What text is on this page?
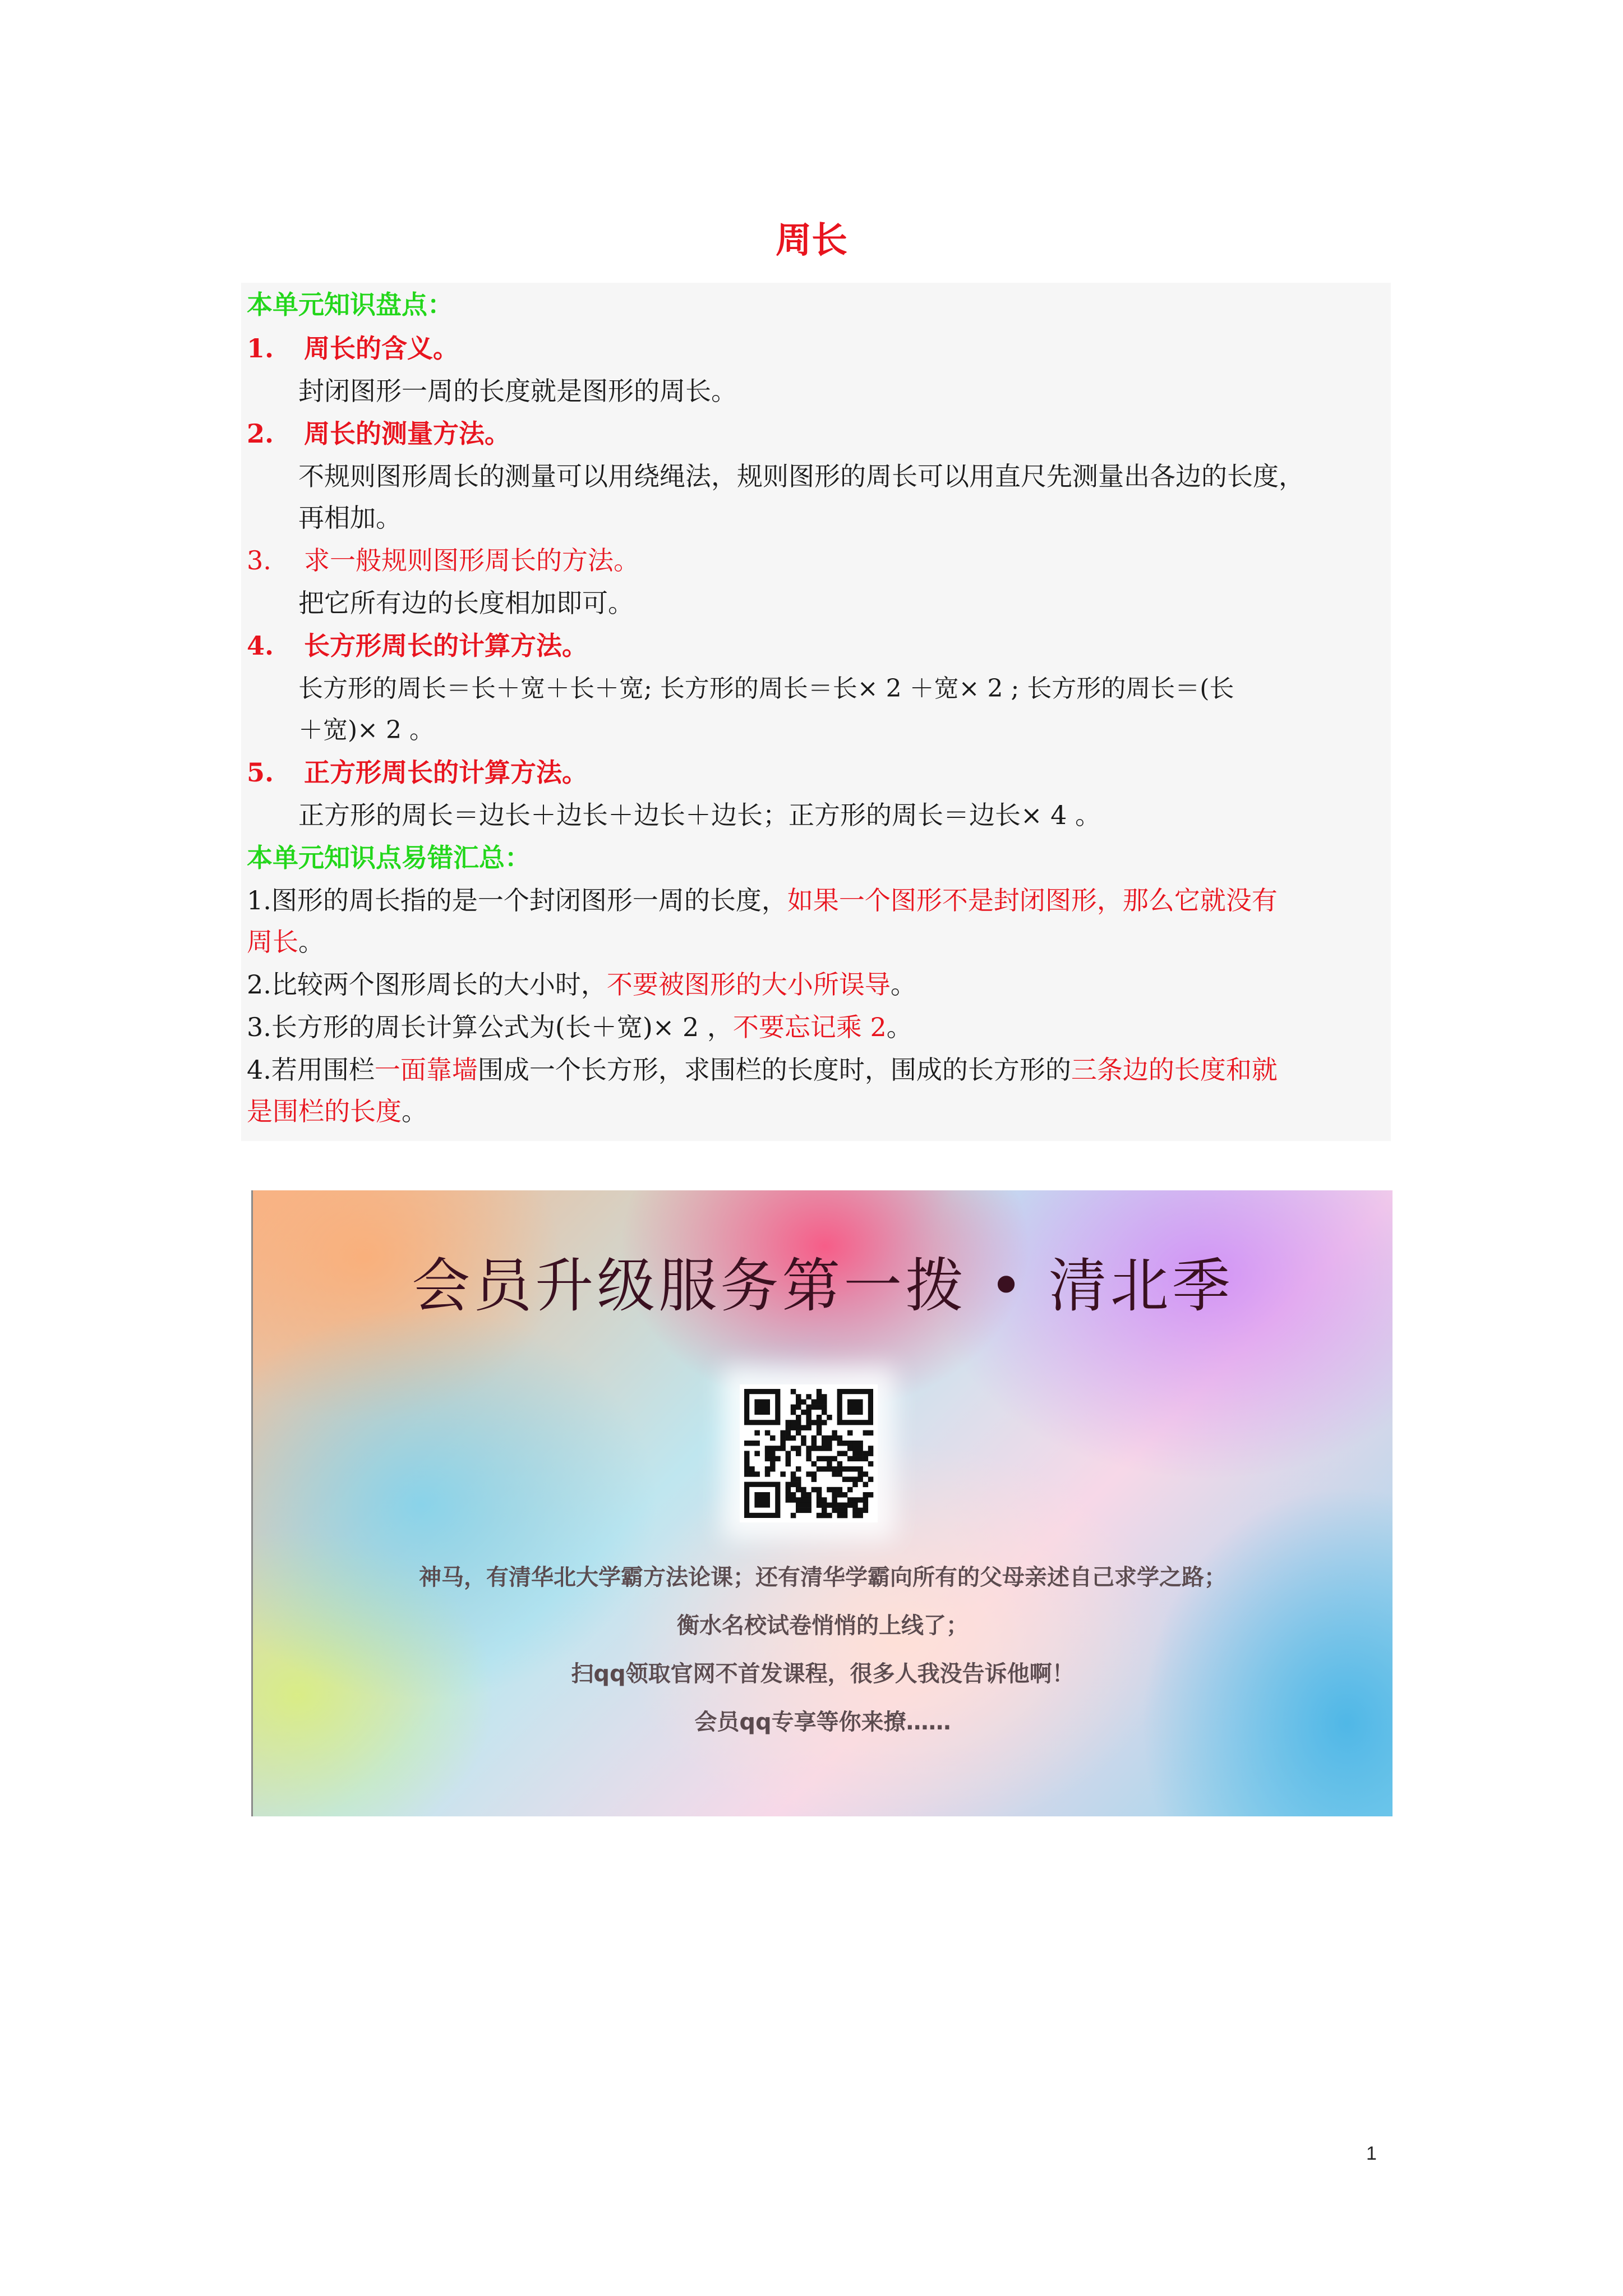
周长
本单元知识盘点：
1. 周长的含义。
封闭图形一周的长度就是图形的周长。
2. 周长的测量方法。
不规则图形周长的测量可以用绕绳法，规则图形的周长可以用直尺先测量出各边的长度，
再相加。
3. 求一般规则图形周长的方法。
把它所有边的长度相加即可。
4. 长方形周长的计算方法。
长方形的周长＝长＋宽＋长＋宽; 长方形的周长＝长× 2 ＋宽× 2 ; 长方形的周长＝(长
＋宽)× 2 。
5. 正方形周长的计算方法。
正方形的周长＝边长＋边长＋边长＋边长；正方形的周长＝边长× 4 。
本单元知识点易错汇总：
1.图形的周长指的是一个封闭图形一周的长度，如果一个图形不是封闭图形，那么它就没有
周长。
2.比较两个图形周长的大小时，不要被图形的大小所误导。
3.长方形的周长计算公式为(长＋宽)× 2 ，不要忘记乘 2。
4.若用围栏一面靠墙围成一个长方形，求围栏的长度时，围成的长方形的三条边的长度和就
是围栏的长度。
会员升级服务第一拨 • 清北季
神马，有清华北大学霸方法论课；还有清华学霸向所有的父母亲述自己求学之路；
衡水名校试卷悄悄的上线了；
扫qq领取官网不首发课程，很多人我没告诉他啊！
会员qq专享等你来撩……
1
